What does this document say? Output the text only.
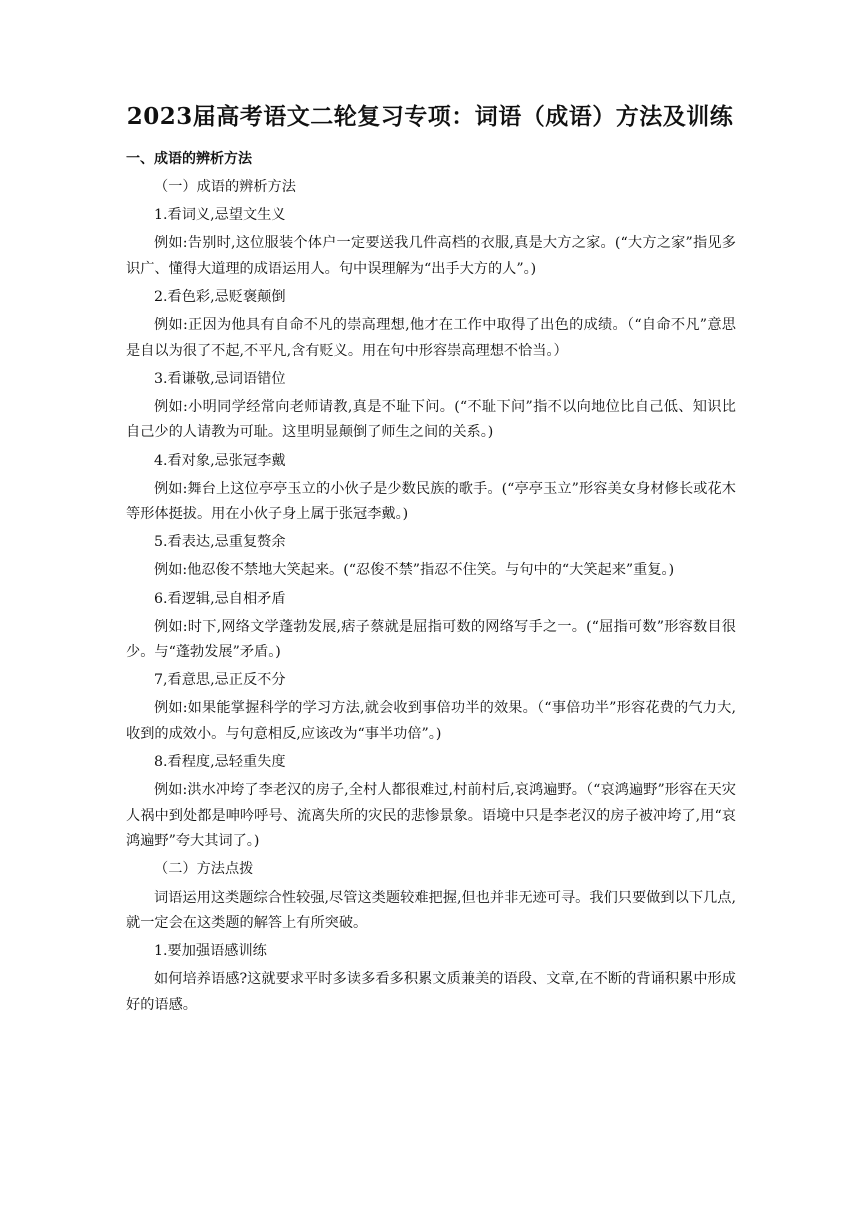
2023届高考语文二轮复习专项：词语（成语）方法及训练

一、成语的辨析方法

（一）成语的辨析方法

1.看词义,忌望文生义

例如:告别时,这位服装个体户一定要送我几件高档的衣服,真是大方之家。(“大方之家”指见多识广、懂得大道理的成语运用人。句中误理解为“出手大方的人”。)

2.看色彩,忌贬褒颠倒

例如:正因为他具有自命不凡的崇高理想,他才在工作中取得了出色的成绩。（“自命不凡”意思是自以为很了不起,不平凡,含有贬义。用在句中形容崇高理想不恰当。）

3.看谦敬,忌词语错位

例如:小明同学经常向老师请教,真是不耻下问。(“不耻下问”指不以向地位比自己低、知识比自己少的人请教为可耻。这里明显颠倒了师生之间的关系。)

4.看对象,忌张冠李戴

例如:舞台上这位亭亭玉立的小伙子是少数民族的歌手。(“亭亭玉立”形容美女身材修长或花木等形体挺拔。用在小伙子身上属于张冠李戴。)

5.看表达,忌重复赘余

例如:他忍俊不禁地大笑起来。(“忍俊不禁”指忍不住笑。与句中的“大笑起来”重复。)

6.看逻辑,忌自相矛盾

例如:时下,网络文学蓬勃发展,痞子蔡就是屈指可数的网络写手之一。(“屈指可数”形容数目很少。与“蓬勃发展”矛盾。)

7,看意思,忌正反不分

例如:如果能掌握科学的学习方法,就会收到事倍功半的效果。（“事倍功半”形容花费的气力大,收到的成效小。与句意相反,应该改为“事半功倍”。)

8.看程度,忌轻重失度

例如:洪水冲垮了李老汉的房子,全村人都很难过,村前村后,哀鸿遍野。（“哀鸿遍野”形容在天灾人祸中到处都是呻吟呼号、流离失所的灾民的悲惨景象。语境中只是李老汉的房子被冲垮了,用“哀鸿遍野”夸大其词了。)

（二）方法点拨

词语运用这类题综合性较强,尽管这类题较难把握,但也并非无迹可寻。我们只要做到以下几点,就一定会在这类题的解答上有所突破。

1.要加强语感训练

如何培养语感?这就要求平时多读多看多积累文质兼美的语段、文章,在不断的背诵积累中形成好的语感。
